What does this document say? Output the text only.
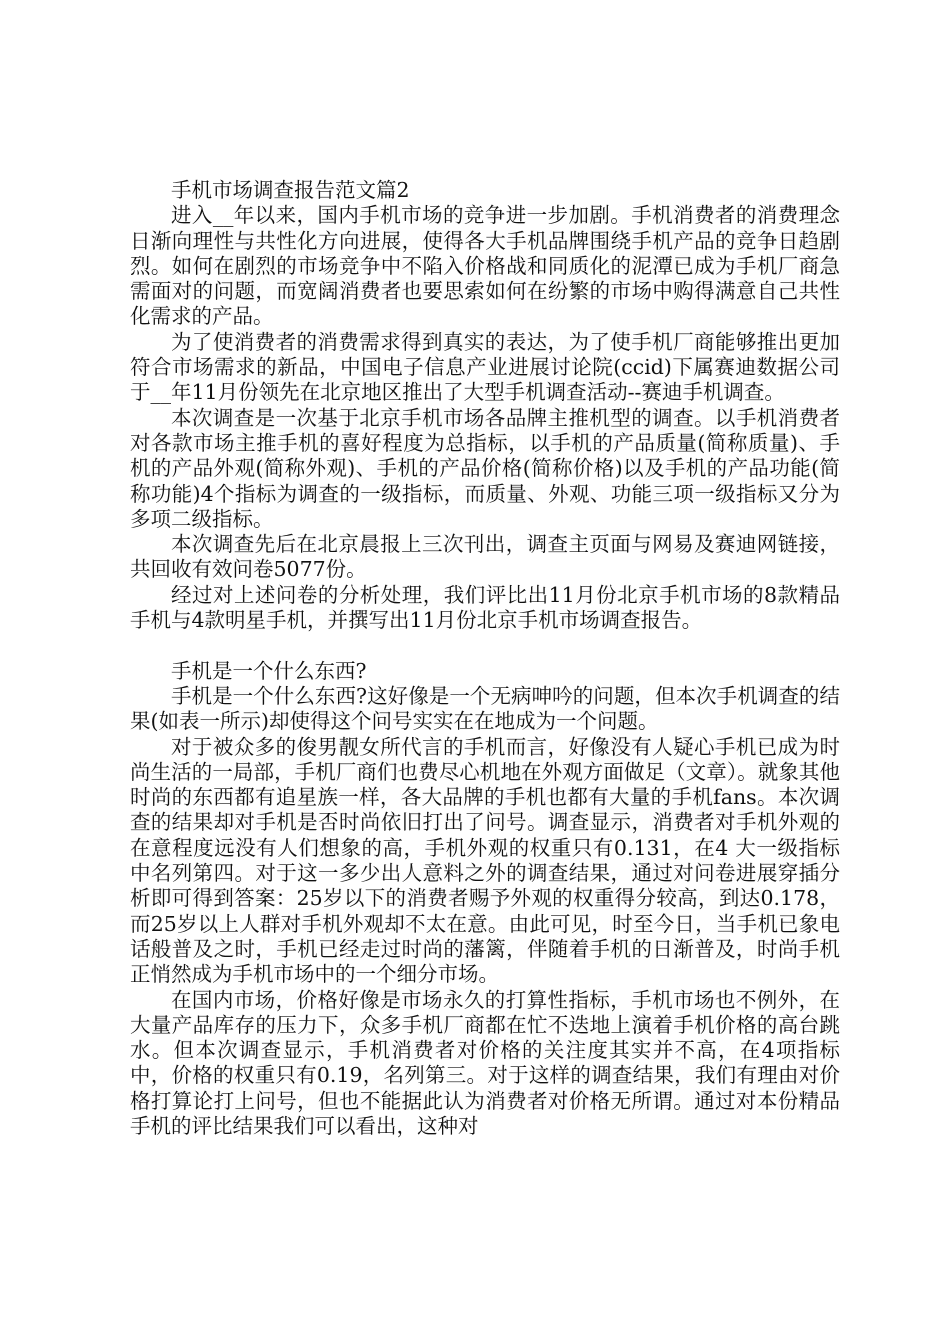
手机市场调查报告范文篇2

进入__年以来，国内手机市场的竞争进一步加剧。手机消费者的消费理念日渐向理性与共性化方向进展，使得各大手机品牌围绕手机产品的竞争日趋剧烈。如何在剧烈的市场竞争中不陷入价格战和同质化的泥潭已成为手机厂商急需面对的问题，而宽阔消费者也要思索如何在纷繁的市场中购得满意自己共性化需求的产品。

为了使消费者的消费需求得到真实的表达，为了使手机厂商能够推出更加符合市场需求的新品，中国电子信息产业进展讨论院(ccid)下属赛迪数据公司于__年11月份领先在北京地区推出了大型手机调查活动--赛迪手机调查。

本次调查是一次基于北京手机市场各品牌主推机型的调查。以手机消费者对各款市场主推手机的喜好程度为总指标，以手机的产品质量(简称质量)、手机的产品外观(简称外观)、手机的产品价格(简称价格)以及手机的产品功能(简称功能)4个指标为调查的一级指标，而质量、外观、功能三项一级指标又分为多项二级指标。

本次调查先后在北京晨报上三次刊出，调查主页面与网易及赛迪网链接，共回收有效问卷5077份。

经过对上述问卷的分析处理，我们评比出11月份北京手机市场的8款精品手机与4款明星手机，并撰写出11月份北京手机市场调查报告。

手机是一个什么东西?

手机是一个什么东西?这好像是一个无病呻吟的问题，但本次手机调查的结果(如表一所示)却使得这个问号实实在在地成为一个问题。

对于被众多的俊男靓女所代言的手机而言，好像没有人疑心手机已成为时尚生活的一局部，手机厂商们也费尽心机地在外观方面做足（文章）。就象其他时尚的东西都有追星族一样，各大品牌的手机也都有大量的手机fans。本次调查的结果却对手机是否时尚依旧打出了问号。调查显示，消费者对手机外观的在意程度远没有人们想象的高，手机外观的权重只有0.131，在4 大一级指标中名列第四。对于这一多少出人意料之外的调查结果，通过对问卷进展穿插分析即可得到答案：25岁以下的消费者赐予外观的权重得分较高，到达0.178，而25岁以上人群对手机外观却不太在意。由此可见，时至今日，当手机已象电话般普及之时，手机已经走过时尚的藩篱，伴随着手机的日渐普及，时尚手机正悄然成为手机市场中的一个细分市场。

在国内市场，价格好像是市场永久的打算性指标，手机市场也不例外，在大量产品库存的压力下，众多手机厂商都在忙不迭地上演着手机价格的高台跳水。但本次调查显示，手机消费者对价格的关注度其实并不高，在4项指标中，价格的权重只有0.19，名列第三。对于这样的调查结果，我们有理由对价格打算论打上问号，但也不能据此认为消费者对价格无所谓。通过对本份精品手机的评比结果我们可以看出，这种对
